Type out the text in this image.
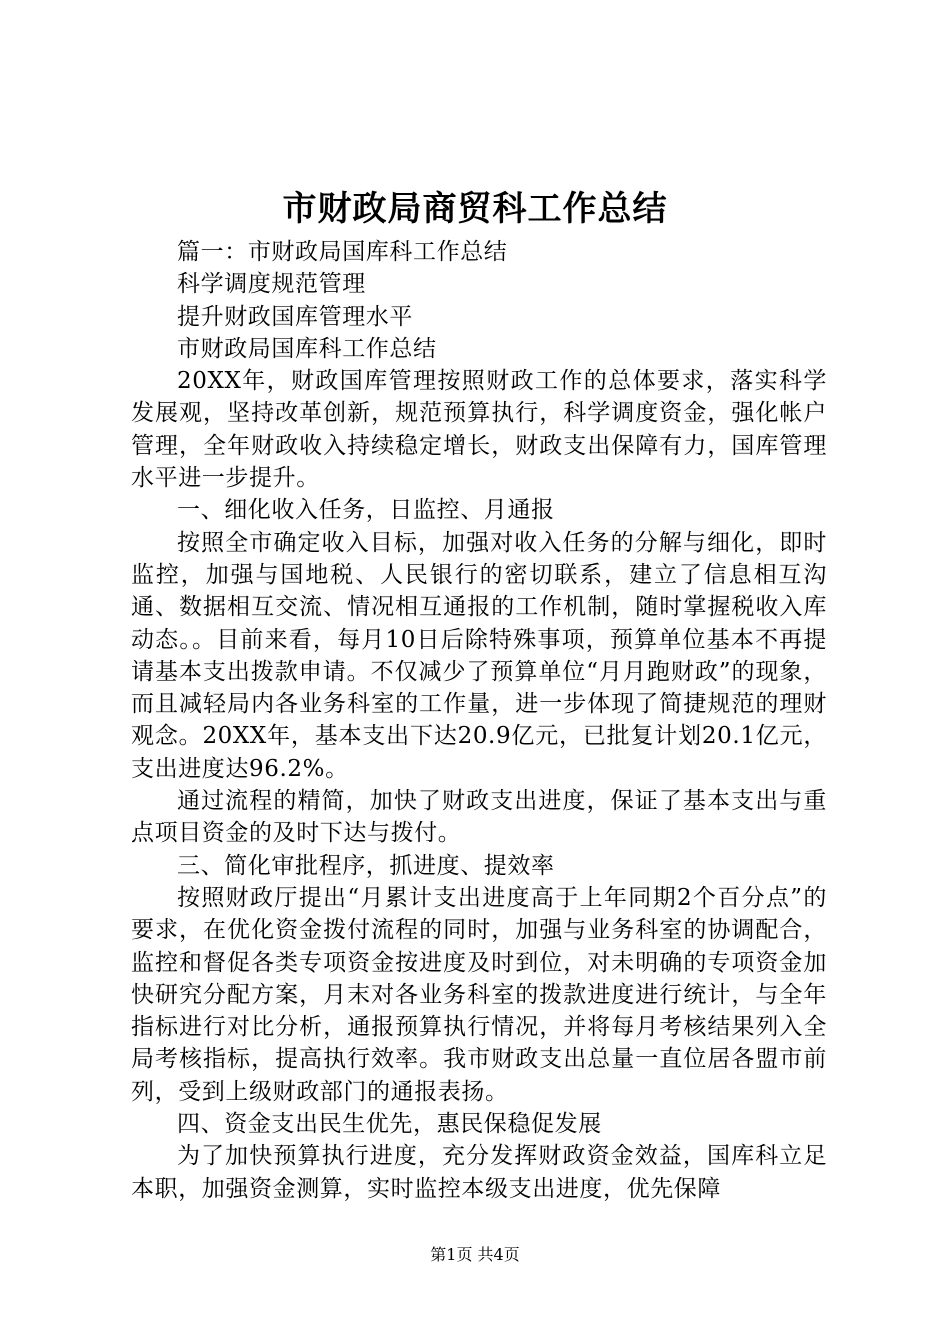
市财政局商贸科工作总结

篇一：市财政局国库科工作总结

科学调度规范管理

提升财政国库管理水平

市财政局国库科工作总结

20XX年，财政国库管理按照财政工作的总体要求，落实科学发展观，坚持改革创新，规范预算执行，科学调度资金，强化帐户管理，全年财政收入持续稳定增长，财政支出保障有力，国库管理水平进一步提升。

一、细化收入任务，日监控、月通报

按照全市确定收入目标，加强对收入任务的分解与细化，即时监控，加强与国地税、人民银行的密切联系，建立了信息相互沟通、数据相互交流、情况相互通报的工作机制，随时掌握税收入库动态。。目前来看，每月10日后除特殊事项，预算单位基本不再提请基本支出拨款申请。不仅减少了预算单位“月月跑财政”的现象，而且减轻局内各业务科室的工作量，进一步体现了简捷规范的理财观念。20XX年，基本支出下达20.9亿元，已批复计划20.1亿元，支出进度达96.2%。

通过流程的精简，加快了财政支出进度，保证了基本支出与重点项目资金的及时下达与拨付。

三、简化审批程序，抓进度、提效率

按照财政厅提出“月累计支出进度高于上年同期2个百分点”的要求，在优化资金拨付流程的同时，加强与业务科室的协调配合，监控和督促各类专项资金按进度及时到位，对未明确的专项资金加快研究分配方案，月末对各业务科室的拨款进度进行统计，与全年指标进行对比分析，通报预算执行情况，并将每月考核结果列入全局考核指标，提高执行效率。我市财政支出总量一直位居各盟市前列，受到上级财政部门的通报表扬。

四、资金支出民生优先，惠民保稳促发展

为了加快预算执行进度，充分发挥财政资金效益，国库科立足本职，加强资金测算，实时监控本级支出进度，优先保障

第1页 共4页
